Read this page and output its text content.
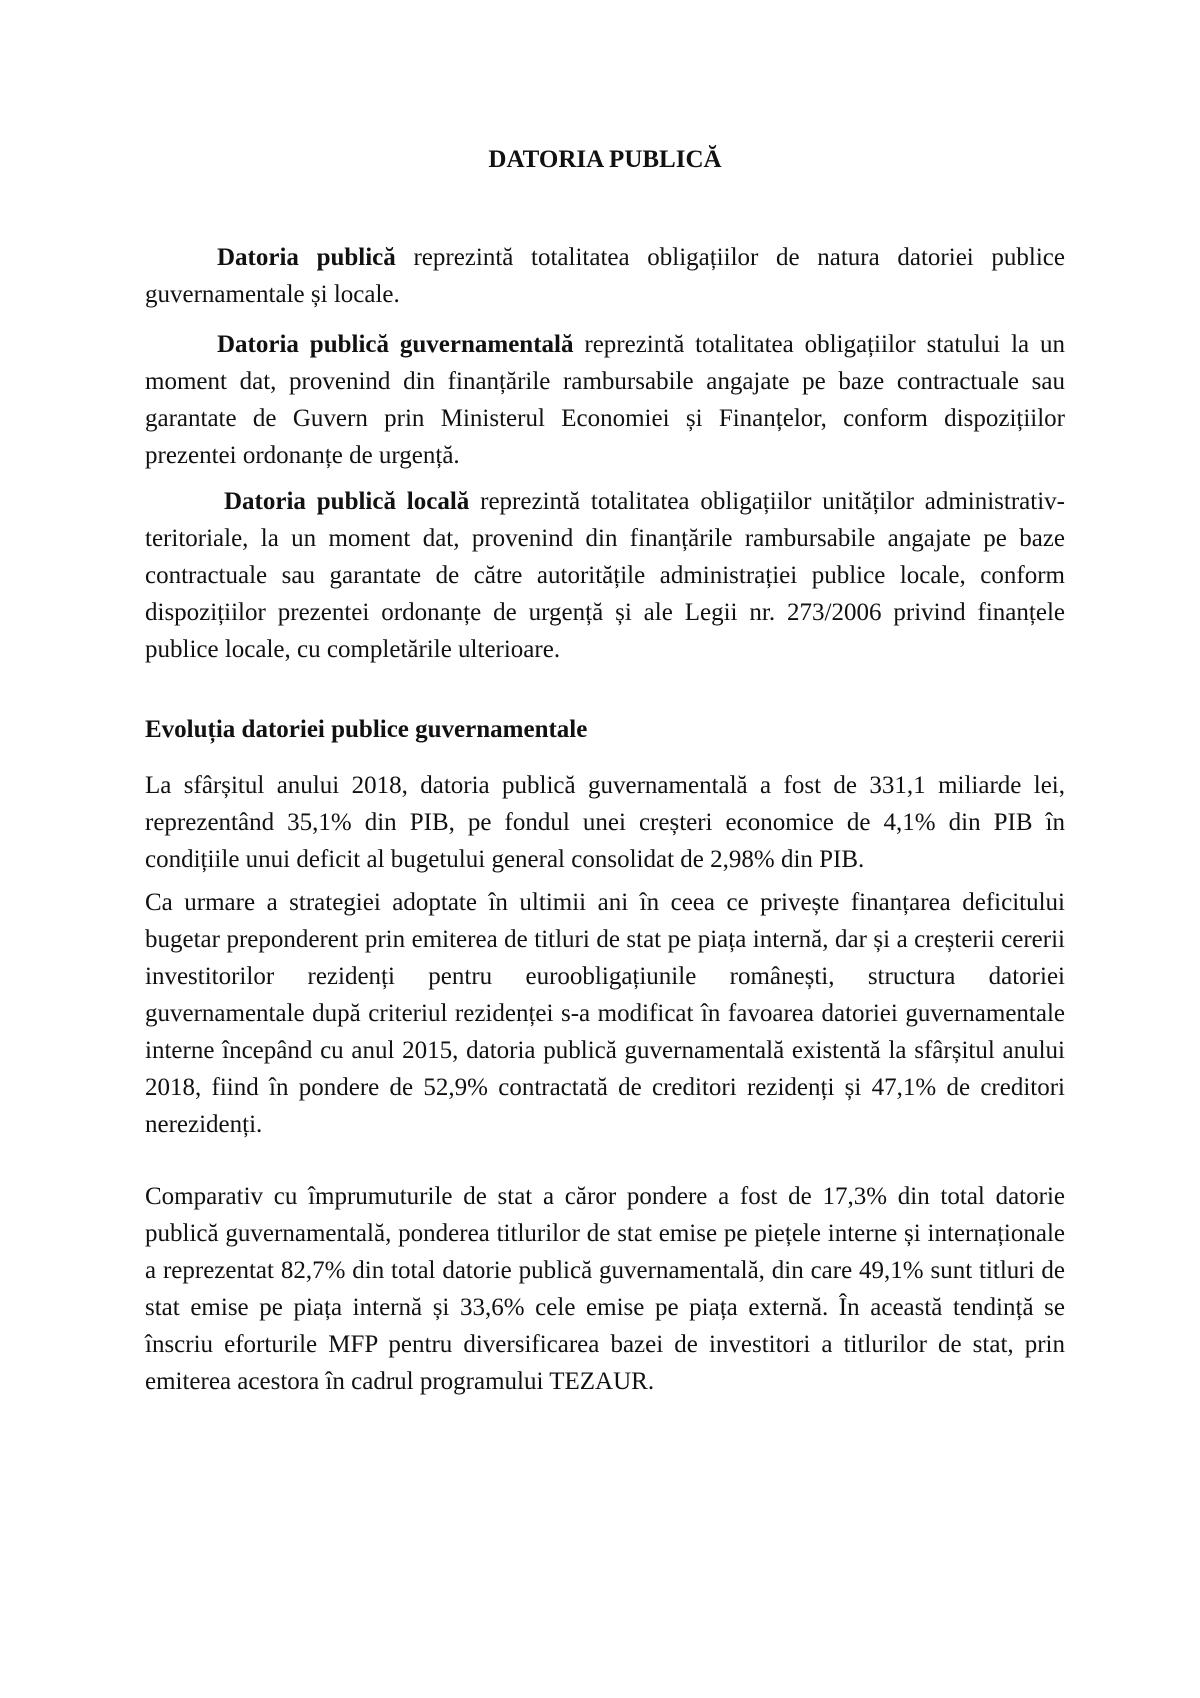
DATORIA PUBLICĂ

Datoria publică reprezintă totalitatea obligațiilor de natura datoriei publice guvernamentale și locale.

Datoria publică guvernamentală reprezintă totalitatea obligațiilor statului la un moment dat, provenind din finanțările rambursabile angajate pe baze contractuale sau garantate de Guvern prin Ministerul Economiei și Finanțelor, conform dispozițiilor prezentei ordonanțe de urgență.

Datoria publică locală reprezintă totalitatea obligațiilor unităților administrativ-teritoriale, la un moment dat, provenind din finanțările rambursabile angajate pe baze contractuale sau garantate de către autoritățile administrației publice locale, conform dispozițiilor prezentei ordonanțe de urgență și ale Legii nr. 273/2006 privind finanțele publice locale, cu completările ulterioare.

Evoluția datoriei publice guvernamentale

La sfârșitul anului 2018, datoria publică guvernamentală a fost de 331,1 miliarde lei, reprezentând 35,1% din PIB, pe fondul unei creșteri economice de 4,1% din PIB în condițiile unui deficit al bugetului general consolidat de 2,98% din PIB.

Ca urmare a strategiei adoptate în ultimii ani în ceea ce privește finanțarea deficitului bugetar preponderent prin emiterea de titluri de stat pe piața internă, dar și a creșterii cererii investitorilor rezidenți pentru euroobligațiunile românești, structura datoriei guvernamentale după criteriul rezidenței s-a modificat în favoarea datoriei guvernamentale interne începând cu anul 2015, datoria publică guvernamentală existentă la sfârșitul anului 2018, fiind în pondere de 52,9% contractată de creditori rezidenți și 47,1% de creditori nerezidenți.

Comparativ cu împrumuturile de stat a căror pondere a fost de 17,3% din total datorie publică guvernamentală, ponderea titlurilor de stat emise pe piețele interne și internaționale a reprezentat 82,7% din total datorie publică guvernamentală, din care 49,1% sunt titluri de stat emise pe piața internă și 33,6% cele emise pe piața externă. În această tendință se înscriu eforturile MFP pentru diversificarea bazei de investitori a titlurilor de stat, prin emiterea acestora în cadrul programului TEZAUR.
